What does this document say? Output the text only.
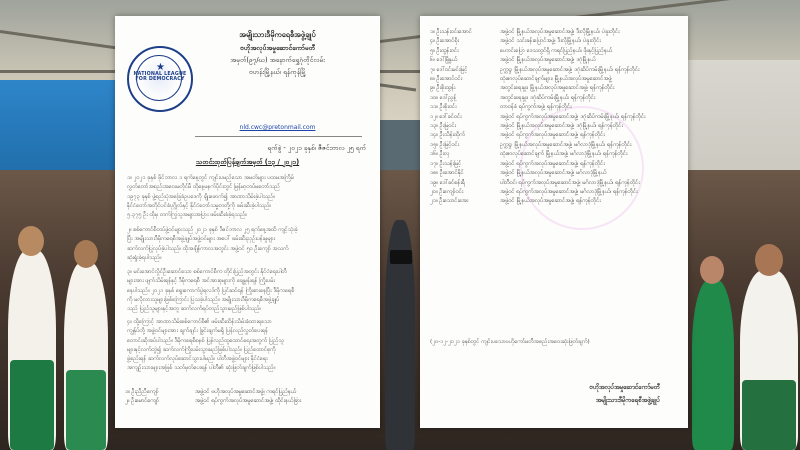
အမျိုးသားဒီမိုကရေစီအဖွဲ့ချုပ်
ဗဟိုအလုပ်အမှုဆောင်ကော်မတီ
အမှတ်(၉၇/ဃ) အနောက်ရွှေဂုံတိုင်လမ်း
ဗဟန်းမြို့နယ်၊ ရန်ကုန်မြို့
★
NATIONAL LEAGUE FOR DEMOCRACY
nld.cwc@pretonmail.com
ရက်စွဲ - ၂၀၂၁ ခုနှစ်၊ ဇီဇင်ဘာလ ၂၅ ရက်
သတင်းထုတ်ပြန်ချက်အမှတ် (၁၃ / ၂၀၂၁)
၁။ ၂၀၂၁ ခုနှစ် ဖိုင်ဘာလ ၁ ရက်နေ့တွင် ကျင်းပမည်သော အမတ်များ ပထမအကြိမ်
လွှတ်တော်အစည်းအဝေးမတိုင်မီ ထိုနေ့မနက်ပိုင်းတွင် မြန်မာ့တပ်မတော်သည်
၁၉၇၃ ခုနှစ် ဖွဲ့စည်းပုံအခြေခံဥပဒေကို ချိုးဖောက်၍ အာဏာသိမ်းခဲ့ပါသည်။
နိုင်ငံတော်အတိုင်ပင်ခံပုဂ္ဂိုလ်နှင့် နိုင်ငံတော်သမ္မတတို့ကို ဖမ်းဆီးခဲ့ပါသည်။
၅.၃၇၅ ဦး ထိုမှ တက်ကြွသူအများအပြား ဖမ်းဆီးခံခဲ့ရသည်။
၂။ စစ်ကောင်စီတပ်ဖွဲ့ဝင်များသည် ၂၀၂၁ ခုနှစ် ဒီဇင်ဘာလ ၂၅ ရက်နေ့အထိ ကျင့်သုံးခဲ့
ပြီး အမျိုးသားဒီမိုကရေစီအဖွဲ့ချုပ်အဖွဲ့ဝင်များ အပေါ် ဖမ်းဆီးညှဉ်းပန်းမှုများ
ဆက်လက်ပြုလုပ်ခဲ့ပါသည်။ ထိုအချိန်ကာလအတွင်း အဖွဲ့ဝင် ၅၀ ဦးကျော် အသက်
ဆုံးရှုံးခဲ့ရပါသည်။
၃။ မင်းအောင်လှိုင်ဦးဆောင်သော စစ်ကောင်စီက တိုင်းပြည်အတွင်း နိုင်ငံရေးပါတီ
များအား ဖျက်သိမ်းရန်နှင့် ဒီမိုကရေစီ အင်အားစုများကို ချေမှုန်းရန် ကြိုးပမ်း
နေပါသည်။ ၂၀၂၁ ခုနှစ် ရွေးကောက်ပွဲရလဒ်ကို ပြင်ဆင်ရန် ကြိုးစားနေပြီး ဒီမိုကရေစီ
ကို မလိုလားသူများဖြစ်ကြောင်း ပြသခဲ့ပါသည်။ အမျိုးသားဒီမိုကရေစီအဖွဲ့ချုပ်
သည် ပြည်သူများနှင့်အတူ ဆက်လက်ရပ်တည်သွားမည်ဖြစ်ပါသည်။
၄။ ထို့ကြောင့် အာဏာသိမ်းစစ်ကောင်စီ၏ ဖမ်းဆီးထိန်းသိမ်းခံထားရသော
ကျွန်ုပ်တို့ အဖွဲ့ဝင်များအား ချက်ချင်း ခြွင်းချက်မရှိ ပြန်လည်လွှတ်ပေးရန်
တောင်းဆိုအပ်ပါသည်။ ဒီမိုကရေစီစနစ် ပြန်လည်ထူထောင်ရေးအတွက် ပြည်သူ
များနှင့်လက်တွဲ၍ ဆက်လက်ကြိုးပမ်းသွားမည်ဖြစ်ပါသည်။ ပြည်ထောင်စုကို
ဖွဲ့စည်းရန် ဆက်လက်လုပ်ဆောင်သွားပါမည်။ ပါတီအဖွဲ့ဝင်များ နိုင်ငံရေး
အကျဉ်းသားများအဖြစ် သတ်မှတ်ပေးရန် ပါတီ၏ ဆုံးဖြတ်ချက်ဖြစ်ပါသည်။
၁။ ဦးညီညီကျော်	အဖွဲ့ဝင် ဗဟိုအလုပ်အမှုဆောင်အဖွဲ့၊ ကရင်ပြည်နယ်
၂။ ဦးမောင်ကျော်	အဖွဲ့ဝင် ရပ်ကွက်အလုပ်အမှုဆောင်အဖွဲ့၊ ထိုင်းနယ်ခြား
၁။ ဦးသန်းဝင်းအောင်	အဖွဲ့ဝင် မြို့နယ်အလုပ်အမှုဆောင်အဖွဲ့၊ ဒီးလိုမြို့နယ်၊ ပဲခူးတိုင်း
၄။ ဦးအောင်စိုး	အဖွဲ့ဝင် သင်းခန်းပြောင်အဖွဲ့၊ ဒီးလိုမြို့နယ်၊ ပဲခူးတိုင်း
၅။ ဦးထွန်းဝင်း	ဟောင်းပြော ဒေသတွင်ရှိ ကရင်ပြည်နယ်၊ ဖိုးနှင့်ပြည်နယ်
၆။ ဒေါ်မြိုနွယ်	အဖွဲ့ဝင် မြို့နယ်အလုပ်အမှုဆောင်အဖွဲ့၊ ဒဂုံမြို့နယ်
၇။ ဒေါ်ဝင်းမင်းမြင့်	ဥက္ကဋ္ဌ၊ မြို့နယ်အလုပ်အမှုဆောင်အဖွဲ့၊ ဒဂုံဆိပ်ကမ်းမြို့နယ်၊ ရန်ကုန်တိုင်း
၈။ ဦးအောင်ဝင်း	ထုံးဇာလုပ်ဆောင်ချက်များ၊ မြို့နယ်အလုပ်အမှုဆောင်အဖွဲ့
၉။ ဦးစိုးထွန်း	အတွင်းရေးမှူး၊ မြို့နယ်အလုပ်အမှုဆောင်အဖွဲ့၊ ရန်ကုန်တိုင်း
၁၀။ ဒေါ်ညွန့်	အတွင်းရေးမှူး၊ ဒဂုံဆိပ်ကမ်းမြို့နယ်၊ ရန်ကုန်တိုင်း
၁၁။ ဦးစိုးဝင်း	တာဝန်ခံ ရပ်ကွက်အဖွဲ့၊ ရန်ကုန်တိုင်း
၁၂။ ဒေါ်ခင်ဝင်း	အဖွဲ့ဝင် ရပ်ကွက်အလုပ်အမှုဆောင်အဖွဲ့၊ ဒဂုံဆိပ်ကမ်းမြို့နယ်၊ ရန်ကုန်တိုင်း
၁၃။ ဦးမြဝင်း	အဖွဲ့ဝင် မြို့နယ်အလုပ်အမှုဆောင်အဖွဲ့၊ ဒဂုံမြို့နယ်၊ ရန်ကုန်တိုင်း
၁၄။ ဦးသိန်းထိုက်	အဖွဲ့ဝင် ရပ်ကွက်အလုပ်အမှုဆောင်အဖွဲ့၊ ရန်ကုန်တိုင်း
၁၅။ ဦးမြင့်ဝင်း	ဥက္ကဋ္ဌ၊ မြို့နယ်အလုပ်အမှုဆောင်အဖွဲ့၊ မင်္ဂလာဒုံမြို့နယ်၊ ရန်ကုန်တိုင်း
၁၆။ ဦးလှ	ထုံးဇာလုပ်ဆောင်ချက် မြို့နယ်အဖွဲ့၊ မင်္ဂလာဒုံမြို့နယ်၊ ရန်ကုန်တိုင်း
၁၇။ ဦးသန်းမြင့်	အဖွဲ့ဝင် ရပ်ကွက်အလုပ်အမှုဆောင်အဖွဲ့၊ ရန်ကုန်တိုင်း
၁၈။ ဦးအောင်နိုင်	အဖွဲ့ဝင် မြို့နယ်အလုပ်အမှုဆောင်အဖွဲ့၊ မင်္ဂလာဒုံမြို့နယ်
၁၉။ ဒေါ်ခင်စန်းရီ	ပါတီဝင်၊ ရပ်ကွက်အလုပ်အမှုဆောင်အဖွဲ့၊ မင်္ဂလာဒုံမြို့နယ်၊ ရန်ကုန်တိုင်း
၂၀။ ဦးကျော်ဝင်း	အဖွဲ့ဝင် ရပ်ကွက်အလုပ်အမှုဆောင်အဖွဲ့၊ မင်္ဂလာဒုံမြို့နယ်၊ ရန်ကုန်တိုင်း
၂၁။ ဦးသောင်းအေး	အဖွဲ့ဝင် မြို့နယ်အလုပ်အမှုဆောင်အဖွဲ့၊ ရန်ကုန်တိုင်း
(၂၀-၁၂-၂၀၂၁ ခုနှစ်တွင် ကျင်းပသောဗဟိုကော်မတီအစည်းအဝေးဆုံးဖြတ်ချက်)
ဗဟိုအလုပ်အမှုဆောင်ကော်မတီ
အမျိုးသားဒီမိုကရေစီအဖွဲ့ချုပ်
